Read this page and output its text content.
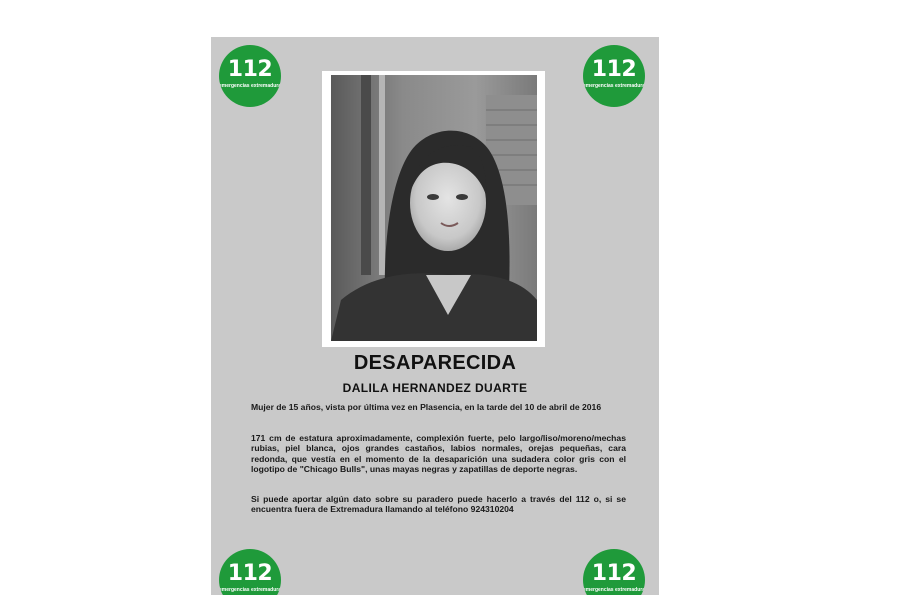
112
emergencias extremadura
112
emergencias extremadura
112
emergencias extremadura
112
emergencias extremadura
DESAPARECIDA
DALILA HERNANDEZ DUARTE
Mujer de 15 años, vista por última vez en Plasencia, en la tarde del 10 de abril de 2016
171 cm de estatura aproximadamente, complexión fuerte, pelo largo/liso/moreno/mechas rubias, piel blanca, ojos grandes castaños, labios normales, orejas pequeñas, cara redonda, que vestía en el momento de la desaparición una sudadera color gris con el logotipo de "Chicago Bulls", unas mayas negras y zapatillas de deporte negras.
Si puede aportar algún dato sobre su paradero puede hacerlo a través del 112 o, si se encuentra fuera de Extremadura llamando al teléfono 924310204
